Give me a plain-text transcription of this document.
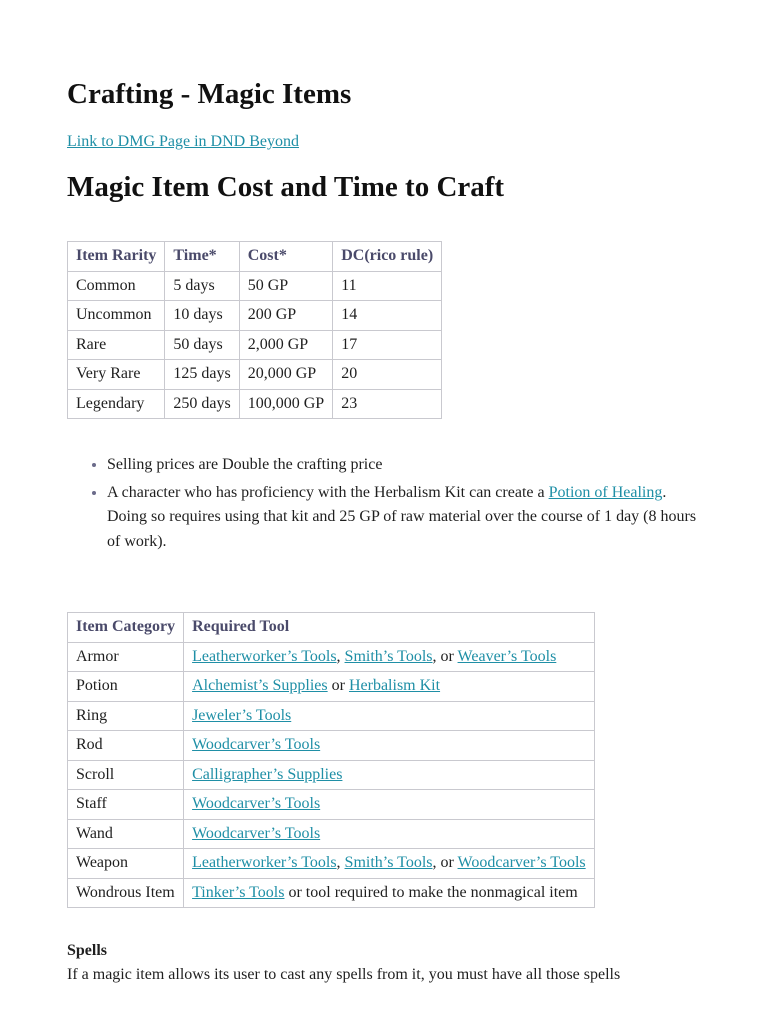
Crafting - Magic Items
Link to DMG Page in DND Beyond
Magic Item Cost and Time to Craft
Item Rarity	Time*	Cost*	DC(rico rule)
Common	5 days	50 GP	11
Uncommon	10 days	200 GP	14
Rare	50 days	2,000 GP	17
Very Rare	125 days	20,000 GP	20
Legendary	250 days	100,000 GP	23
• Selling prices are Double the crafting price
• A character who has proficiency with the Herbalism Kit can create a Potion of Healing.
Doing so requires using that kit and 25 GP of raw material over the course of 1 day (8 hours of work).
Item Category	Required Tool
Armor	Leatherworker’s Tools, Smith’s Tools, or Weaver’s Tools
Potion	Alchemist’s Supplies or Herbalism Kit
Ring	Jeweler’s Tools
Rod	Woodcarver’s Tools
Scroll	Calligrapher’s Supplies
Staff	Woodcarver’s Tools
Wand	Woodcarver’s Tools
Weapon	Leatherworker’s Tools, Smith’s Tools, or Woodcarver’s Tools
Wondrous Item	Tinker’s Tools or tool required to make the nonmagical item
Spells
If a magic item allows its user to cast any spells from it, you must have all those spells
